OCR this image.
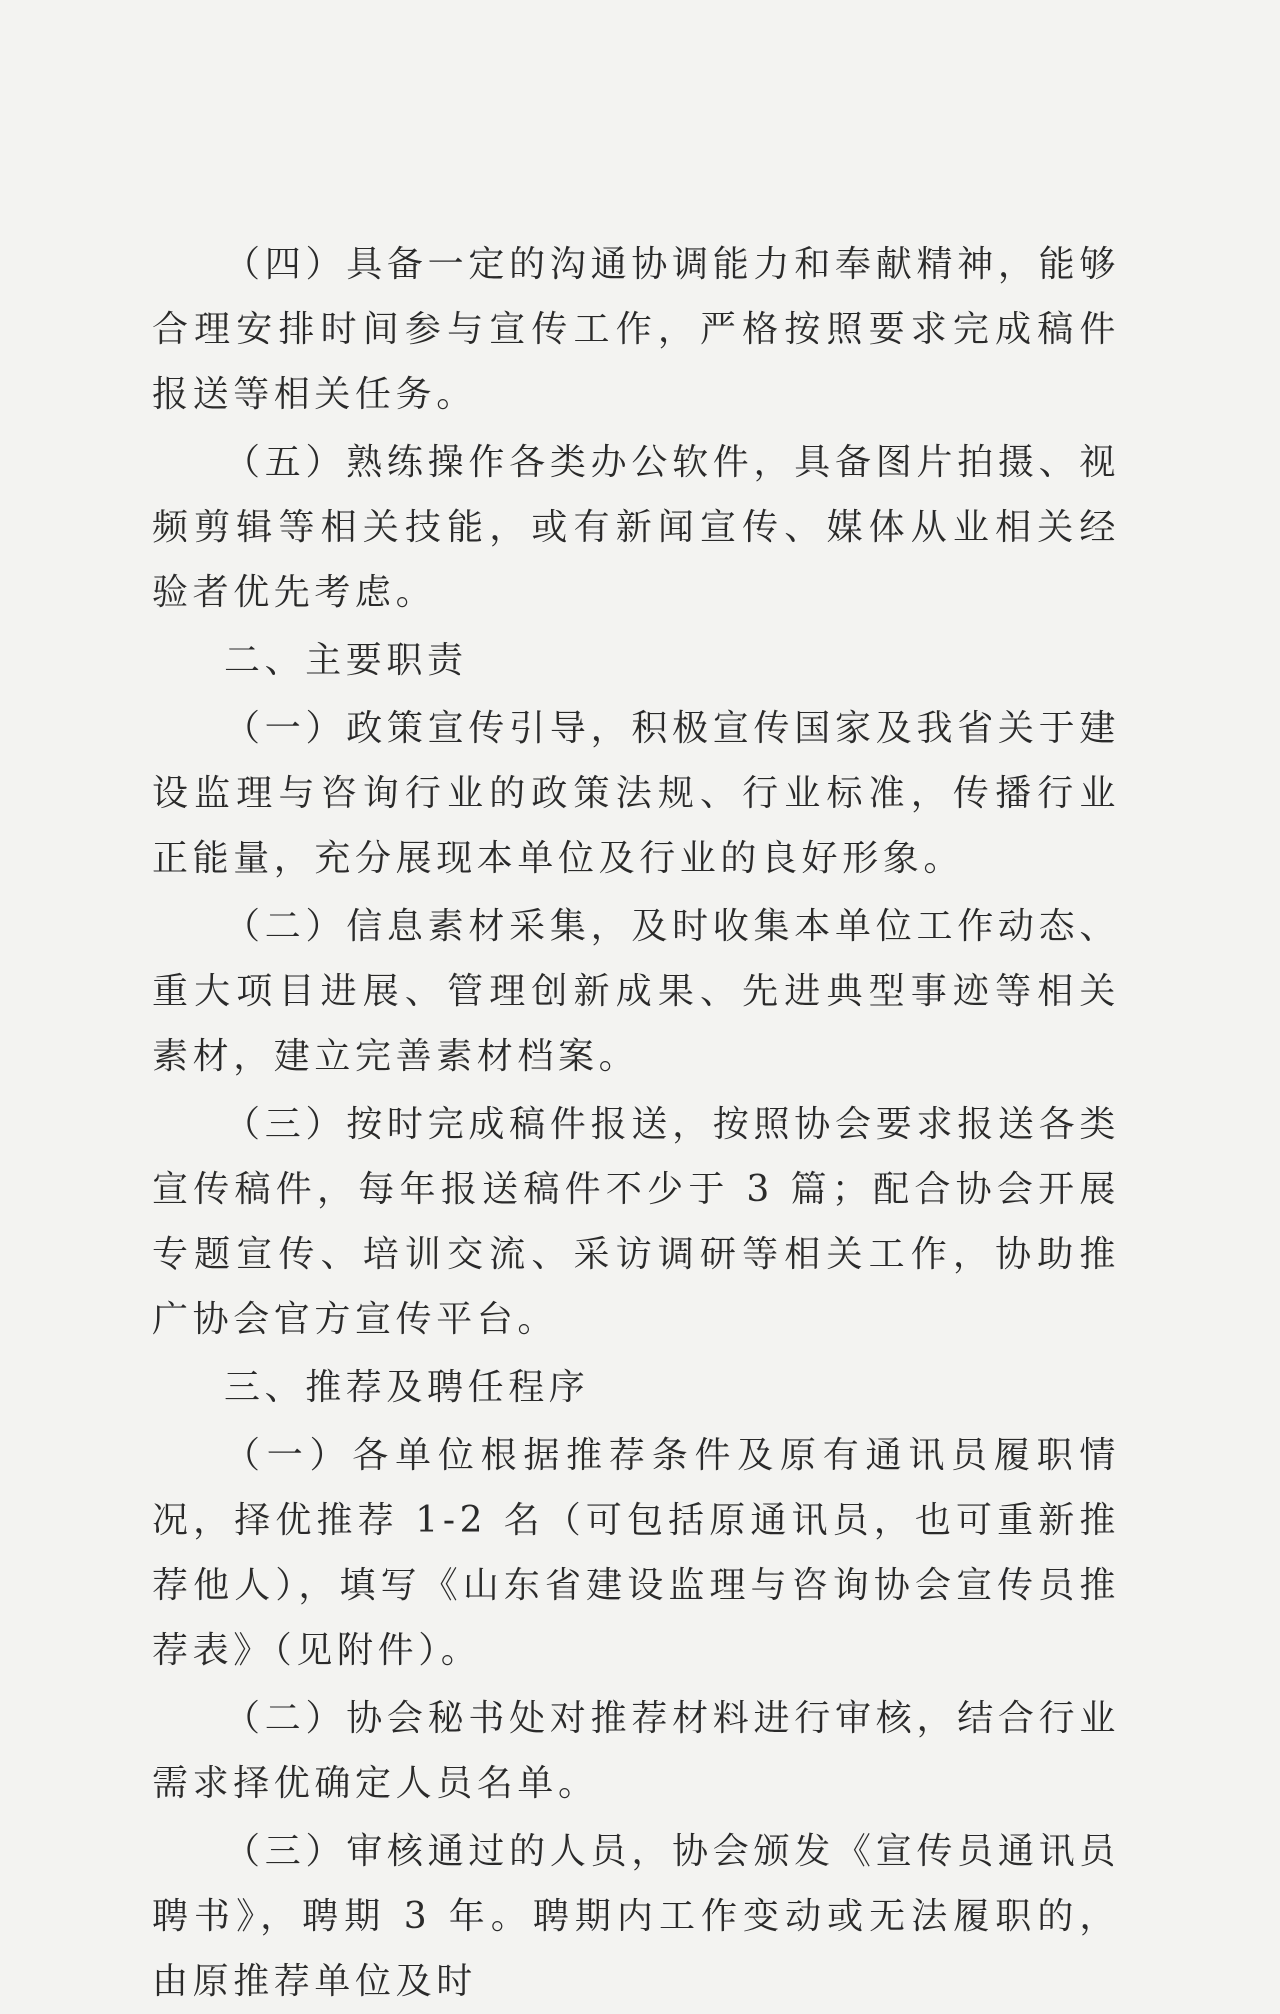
（四）具备一定的沟通协调能力和奉献精神，能够合理安排时间参与宣传工作，严格按照要求完成稿件报送等相关任务。

（五）熟练操作各类办公软件，具备图片拍摄、视频剪辑等相关技能，或有新闻宣传、媒体从业相关经验者优先考虑。

二、主要职责

（一）政策宣传引导，积极宣传国家及我省关于建设监理与咨询行业的政策法规、行业标准，传播行业正能量，充分展现本单位及行业的良好形象。

（二）信息素材采集，及时收集本单位工作动态、重大项目进展、管理创新成果、先进典型事迹等相关素材，建立完善素材档案。

（三）按时完成稿件报送，按照协会要求报送各类宣传稿件，每年报送稿件不少于 3 篇；配合协会开展专题宣传、培训交流、采访调研等相关工作，协助推广协会官方宣传平台。

三、推荐及聘任程序

（一）各单位根据推荐条件及原有通讯员履职情况，择优推荐 1-2 名（可包括原通讯员，也可重新推荐他人），填写《山东省建设监理与咨询协会宣传员推荐表》（见附件）。

（二）协会秘书处对推荐材料进行审核，结合行业需求择优确定人员名单。

（三）审核通过的人员，协会颁发《宣传员通讯员聘书》，聘期 3 年。聘期内工作变动或无法履职的，由原推荐单位及时
